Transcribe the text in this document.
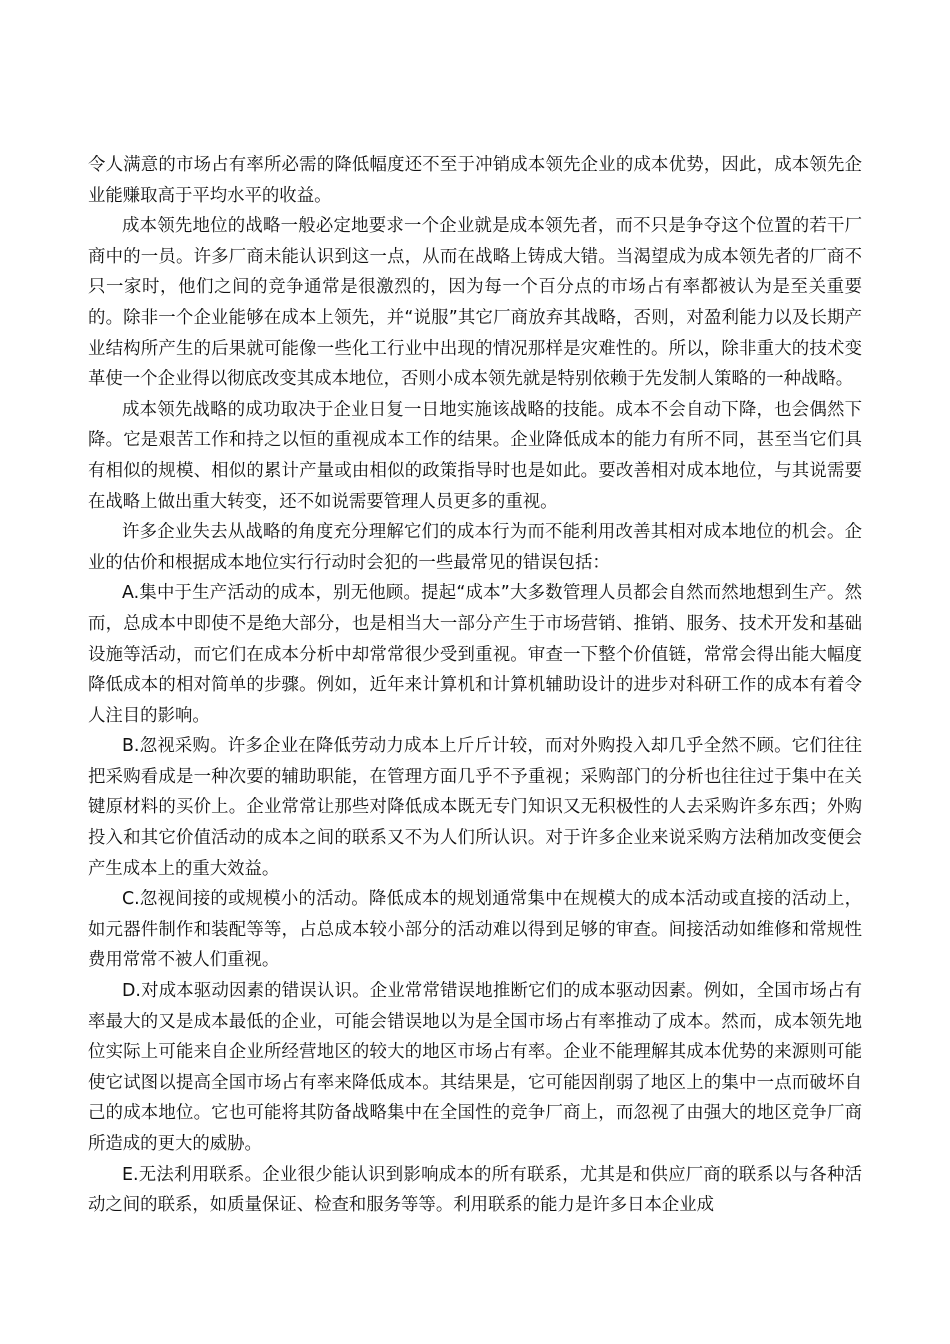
令人满意的市场占有率所必需的降低幅度还不至于冲销成本领先企业的成本优势，因此，成本领先企业能赚取高于平均水平的收益。

成本领先地位的战略一般必定地要求一个企业就是成本领先者，而不只是争夺这个位置的若干厂商中的一员。许多厂商未能认识到这一点，从而在战略上铸成大错。当渴望成为成本领先者的厂商不只一家时，他们之间的竞争通常是很激烈的，因为每一个百分点的市场占有率都被认为是至关重要的。除非一个企业能够在成本上领先，并“说服”其它厂商放弃其战略，否则，对盈利能力以及长期产业结构所产生的后果就可能像一些化工行业中出现的情况那样是灾难性的。所以，除非重大的技术变革使一个企业得以彻底改变其成本地位，否则小成本领先就是特别依赖于先发制人策略的一种战略。

成本领先战略的成功取决于企业日复一日地实施该战略的技能。成本不会自动下降，也会偶然下降。它是艰苦工作和持之以恒的重视成本工作的结果。企业降低成本的能力有所不同，甚至当它们具有相似的规模、相似的累计产量或由相似的政策指导时也是如此。要改善相对成本地位，与其说需要在战略上做出重大转变，还不如说需要管理人员更多的重视。

许多企业失去从战略的角度充分理解它们的成本行为而不能利用改善其相对成本地位的机会。企业的估价和根据成本地位实行行动时会犯的一些最常见的错误包括：

A.集中于生产活动的成本，别无他顾。提起“成本”大多数管理人员都会自然而然地想到生产。然而，总成本中即使不是绝大部分，也是相当大一部分产生于市场营销、推销、服务、技术开发和基础设施等活动，而它们在成本分析中却常常很少受到重视。审查一下整个价值链，常常会得出能大幅度降低成本的相对简单的步骤。例如，近年来计算机和计算机辅助设计的进步对科研工作的成本有着令人注目的影响。

B.忽视采购。许多企业在降低劳动力成本上斤斤计较，而对外购投入却几乎全然不顾。它们往往把采购看成是一种次要的辅助职能，在管理方面几乎不予重视；采购部门的分析也往往过于集中在关键原材料的买价上。企业常常让那些对降低成本既无专门知识又无积极性的人去采购许多东西；外购投入和其它价值活动的成本之间的联系又不为人们所认识。对于许多企业来说采购方法稍加改变便会产生成本上的重大效益。

C.忽视间接的或规模小的活动。降低成本的规划通常集中在规模大的成本活动或直接的活动上，如元器件制作和装配等等，占总成本较小部分的活动难以得到足够的审查。间接活动如维修和常规性费用常常不被人们重视。

D.对成本驱动因素的错误认识。企业常常错误地推断它们的成本驱动因素。例如，全国市场占有率最大的又是成本最低的企业，可能会错误地以为是全国市场占有率推动了成本。然而，成本领先地位实际上可能来自企业所经营地区的较大的地区市场占有率。企业不能理解其成本优势的来源则可能使它试图以提高全国市场占有率来降低成本。其结果是，它可能因削弱了地区上的集中一点而破坏自己的成本地位。它也可能将其防备战略集中在全国性的竞争厂商上，而忽视了由强大的地区竞争厂商所造成的更大的威胁。

E.无法利用联系。企业很少能认识到影响成本的所有联系，尤其是和供应厂商的联系以与各种活动之间的联系，如质量保证、检查和服务等等。利用联系的能力是许多日本企业成
